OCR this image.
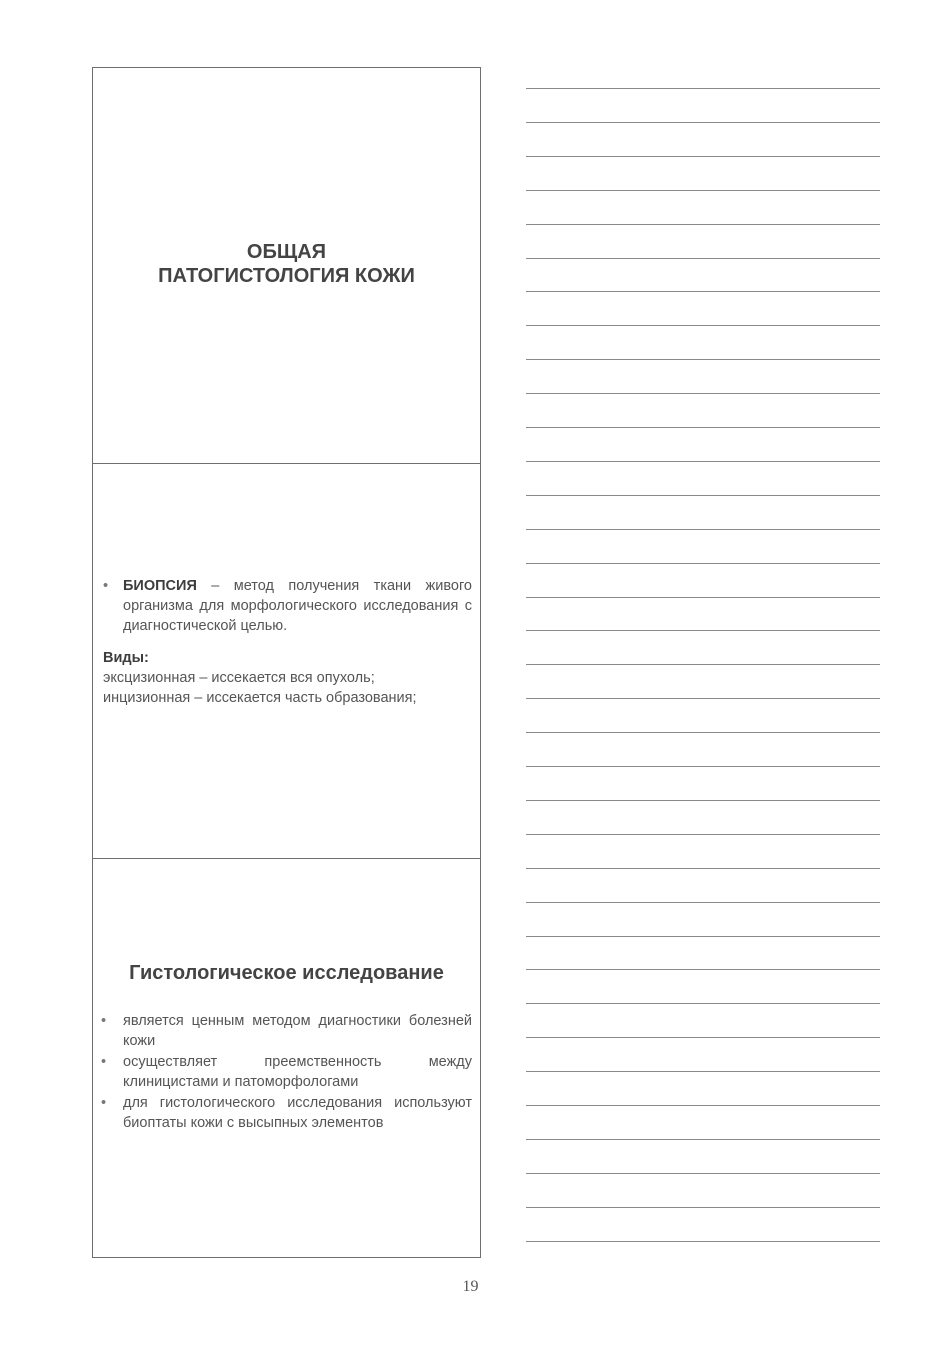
ОБЩАЯ
ПАТОГИСТОЛОГИЯ КОЖИ
• БИОПСИЯ – метод получения ткани живого организма для морфологического исследования с диагностической целью.
Виды:
эксцизионная – иссекается вся опухоль;
инцизионная – иссекается часть образования;
Гистологическое исследование
• является ценным методом диагностики болезней кожи
• осуществляет преемственность между клиницистами и патоморфологами
• для гистологического исследования используют биоптаты кожи с высыпных элементов
19
